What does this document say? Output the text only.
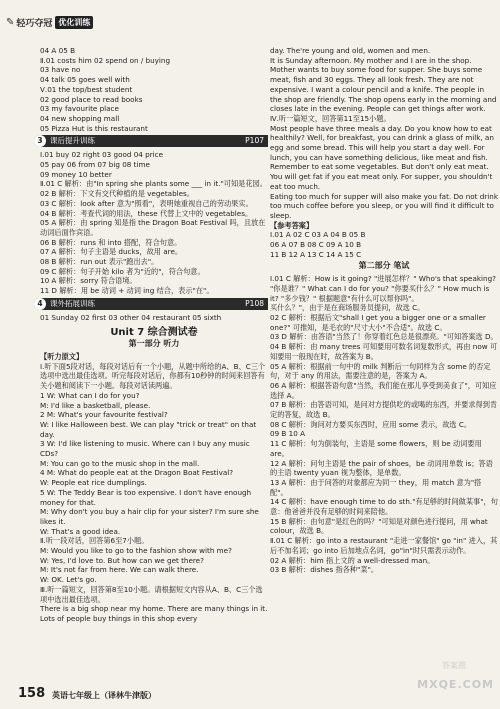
✎ 轻巧夺冠 优化训练
04 A 05 B
Ⅱ.01 costs him 02 spend on / buying
03 have no
04 talk 05 goes well with
Ⅴ.01 the top/best student
02 good place to read books
03 my favourite place
04 new shopping mall
05 Pizza Hut is this restaurant
3 课后提升训练	P107
Ⅰ.01 buy 02 right 03 good 04 price
05 pay 06 from 07 big 08 time
09 money 10 better
Ⅱ.01 C 解析：由"In spring she plants some ___ in it."可知是花园。
02 B 解析：下文有交代种植的是 vegetables。
03 C 解析：look after 意为"照看"，表明她重视自己的劳动果实。
04 B 解析：考查代词的用法，these 代替上文中的 vegetables。
05 A 解析：由 spring 知是指 the Dragon Boat Festival 吗，且放在动词后面作宾语。
06 B 解析：runs 和 into 搭配，符合句意。
07 A 解析：句子主语是 ducks，故用 are。
08 B 解析：run out 表示"跑出去"。
09 C 解析：句子开始 kilo 者为"近的"，符合句意。
10 A 解析：sorry 符合语境。
11 D 解析：用 be 动词 + 动词 ing 结合，表示"在"。
4 课外拓展训练	P108
01 Sunday 02 first 03 other 04 restaurant 05 sixth
Unit 7 综合测试卷
第一部分 听力
【听力原文】
Ⅰ.听下面5段对话，每段对话后有一个小题，从题中所给的A、B、C三个选项中选出最佳选项。听完每段对话后，你都有10秒钟的时间来回答有关小题和阅读下一小题。每段对话读两遍。
1 W: What can I do for you?
M: I'd like a basketball, please.
2 M: What's your favourite festival?
W: I like Halloween best. We can play "trick or treat" on that day.
3 W: I'd like listening to music. Where can I buy any music CDs?
M: You can go to the music shop in the mall.
4 M: What do people eat at the Dragon Boat Festival?
W: People eat rice dumplings.
5 W: The Teddy Bear is too expensive. I don't have enough money for that.
M: Why don't you buy a hair clip for your sister? I'm sure she likes it.
W: That's a good idea.
Ⅱ.听一段对话，回答第6至7小题。
M: Would you like to go to the fashion show with me?
W: Yes, I'd love to. But how can we get there?
M: It's not far from here. We can walk there.
W: OK. Let's go.
Ⅲ.听一篇短文，回答第8至10小题。请根据短文内容从A、B、C三个选项中选出最佳选项。
There is a big shop near my home. There are many things in it. Lots of people buy things in this shop every
day. The're young and old, women and men.
It is Sunday afternoon. My mother and I are in the shop. Mother wants to buy some food for supper. She buys some meat, fish and 30 eggs. They all look fresh. They are not expensive. I want a colour pencil and a knife. The people in the shop are friendly. The shop opens early in the morning and closes late in the evening. People can get things after work.
Ⅳ.听一篇短文，回答第11至15小题。
Most people have three meals a day. Do you know how to eat healthily? Well, for breakfast, you can drink a glass of milk, an egg and some bread. This will help you start a day well. For lunch, you can have something delicious, like meat and fish. Remember to eat some vegetables. But don't only eat meat. You will get fat if you eat meat only. For supper, you shouldn't eat too much.
Eating too much for supper will also make you fat. Do not drink too much coffee before you sleep, or you will find it difficult to sleep.
【参考答案】
Ⅰ.01 A 02 C 03 A 04 B 05 B
06 A 07 B 08 C 09 A 10 B
11 B 12 A 13 C 14 A 15 C
第二部分 笔试
Ⅰ.01 C 解析：How is it going? "进展怎样？" Who's that speaking? "你是谁？" What can I do for you? "你要买什么？" How much is it? "多少钱？" 根据题意"有什么可以帮你吗"。
买什么？"，由于是在商场服务员提问，故选 C。
02 C 解析：根据后文"shall I get you a bigger one or a smaller one?" 可推知，是毛衣的"尺寸大小"不合适"。故选 C。
03 D 解析：由答语"当然了！你穿着红色总是很漂亮。"可知答案选 D。
04 B 解析：由 many trees 可知要用可数名词复数形式，再由 now 可知要用一般现在时，故答案为 B。
05 A 解析：根据前一句中的 milk 判断后一句同样为含 some 的否定句，对于 any 的用法，需要注意的是，答案为 A。
06 A 解析：根据答语句意"当然，我们能在那儿享受到美食了"，可知应选择 A。
07 B 解析：由答语可知，是问对方提供吃的或喝的东西，并要求得到肯定的答复，故选 B。
08 C 解析：询问对方要买东西时，应用 some 表示，故选 C。
09 B 10 A
11 C 解析：句为倒装句，主语是 some flowers，则 be 动词要用 are。
12 A 解析：问句主语是 the pair of shoes，be 动词用单数 is；答语的主语 twenty yuan 视为整体，是单数。
13 A 解析：由于问答的对象都应为同一 they，用 match 意为"搭配"。
14 C 解析：have enough time to do sth."有足够的时间做某事"，句意：他爸爸并没有足够的时间来陪他。
15 B 解析：由句意"是红色的吗？"可知是对颜色进行提问，用 what colour，故选 B。
Ⅱ.01 C 解析：go into a restaurant "走进一家餐馆" go "in" 进入，其后不加名词；go into 后加地点名词，go"in"时只需表示动作。
02 A 解析：him 指上文的 a well-dressed man。
03 B 解析：dishes 指各种"菜"。
158 英语七年级上（译林牛津版）
答案圈
MXQE.COM
